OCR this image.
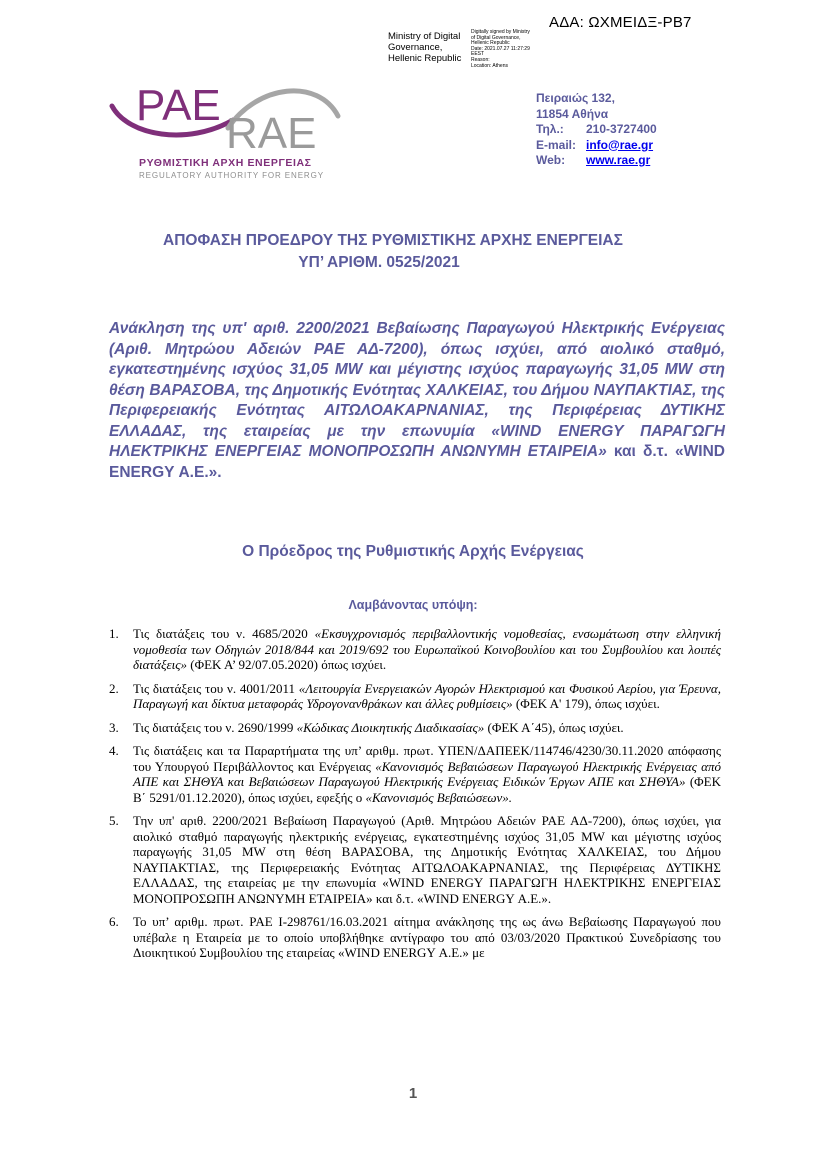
ΑΔΑ: ΩΧΜΕΙΔΞ-ΡΒ7
Ministry of Digital Governance, Hellenic Republic
Digitally signed by Ministry
of Digital Governance,
Hellenic Republic
Date: 2021.07.27 11:27:29
EEST
Reason:
Location: Athens
PAE
RAE
ΡΥΘΜΙΣΤΙΚΗ ΑΡΧΗ ΕΝΕΡΓΕΙΑΣ
REGULATORY AUTHORITY FOR ENERGY
Πειραιώς 132,
11854 Αθήνα
Τηλ.:	210-3727400
E-mail: info@rae.gr
Web:	www.rae.gr
ΑΠΟΦΑΣΗ ΠΡΟΕΔΡΟΥ ΤΗΣ ΡΥΘΜΙΣΤΙΚΗΣ ΑΡΧΗΣ ΕΝΕΡΓΕΙΑΣ
ΥΠ’ ΑΡΙΘΜ. 0525/2021
Ανάκληση της υπ' αριθ. 2200/2021 Βεβαίωσης Παραγωγού Ηλεκτρικής Ενέργειας (Αριθ. Μητρώου Αδειών ΡΑΕ ΑΔ-7200), όπως ισχύει, από αιολικό σταθμό, εγκατεστημένης ισχύος 31,05 MW και μέγιστης ισχύος παραγωγής 31,05 MW στη θέση ΒΑΡΑΣΟΒΑ, της Δημοτικής Ενότητας ΧΑΛΚΕΙΑΣ, του Δήμου ΝΑΥΠΑΚΤΙΑΣ, της Περιφερειακής Ενότητας ΑΙΤΩΛΟΑΚΑΡΝΑΝΙΑΣ, της Περιφέρειας ΔΥΤΙΚΗΣ ΕΛΛΑΔΑΣ, της εταιρείας με την επωνυμία «WIND ENERGY ΠΑΡΑΓΩΓΗ ΗΛΕΚΤΡΙΚΗΣ ΕΝΕΡΓΕΙΑΣ ΜΟΝΟΠΡΟΣΩΠΗ ΑΝΩΝΥΜΗ ΕΤΑΙΡΕΙΑ» και δ.τ. «WIND ENERGY Α.Ε.».
Ο Πρόεδρος της Ρυθμιστικής Αρχής Ενέργειας
Λαμβάνοντας υπόψη:
1.	Τις διατάξεις του ν. 4685/2020 «Εκσυγχρονισμός περιβαλλοντικής νομοθεσίας, ενσωμάτωση στην ελληνική νομοθεσία των Οδηγιών 2018/844 και 2019/692 του Ευρωπαϊκού Κοινοβουλίου και του Συμβουλίου και λοιπές διατάξεις» (ΦΕΚ Α’ 92/07.05.2020) όπως ισχύει.
2.	Τις διατάξεις του ν. 4001/2011 «Λειτουργία Ενεργειακών Αγορών Ηλεκτρισμού και Φυσικού Αερίου, για Έρευνα, Παραγωγή και δίκτυα μεταφοράς Υδρογονανθράκων και άλλες ρυθμίσεις» (ΦΕΚ Α' 179), όπως ισχύει.
3.	Τις διατάξεις του ν. 2690/1999 «Κώδικας Διοικητικής Διαδικασίας» (ΦΕΚ Α΄45), όπως ισχύει.
4.	Τις διατάξεις και τα Παραρτήματα της υπ’ αριθμ. πρωτ. ΥΠΕΝ/ΔΑΠΕΕΚ/114746/4230/30.11.2020 απόφασης του Υπουργού Περιβάλλοντος και Ενέργειας «Κανονισμός Βεβαιώσεων Παραγωγού Ηλεκτρικής Ενέργειας από ΑΠΕ και ΣΗΘΥΑ και Βεβαιώσεων Παραγωγού Ηλεκτρικής Ενέργειας Ειδικών Έργων ΑΠΕ και ΣΗΘΥΑ» (ΦΕΚ Β΄ 5291/01.12.2020), όπως ισχύει, εφεξής ο «Κανονισμός Βεβαιώσεων».
5.	Την υπ' αριθ. 2200/2021 Βεβαίωση Παραγωγού (Αριθ. Μητρώου Αδειών ΡΑΕ ΑΔ-7200), όπως ισχύει, για αιολικό σταθμό παραγωγής ηλεκτρικής ενέργειας, εγκατεστημένης ισχύος 31,05 MW και μέγιστης ισχύος παραγωγής 31,05 MW στη θέση ΒΑΡΑΣΟΒΑ, της Δημοτικής Ενότητας ΧΑΛΚΕΙΑΣ, του Δήμου ΝΑΥΠΑΚΤΙΑΣ, της Περιφερειακής Ενότητας ΑΙΤΩΛΟΑΚΑΡΝΑΝΙΑΣ, της Περιφέρειας ΔΥΤΙΚΗΣ ΕΛΛΑΔΑΣ, της εταιρείας με την επωνυμία «WIND ENERGY ΠΑΡΑΓΩΓΗ ΗΛΕΚΤΡΙΚΗΣ ΕΝΕΡΓΕΙΑΣ ΜΟΝΟΠΡΟΣΩΠΗ ΑΝΩΝΥΜΗ ΕΤΑΙΡΕΙΑ» και δ.τ. «WIND ENERGY Α.Ε.».
6.	Το υπ’ αριθμ. πρωτ. ΡΑΕ Ι-298761/16.03.2021 αίτημα ανάκλησης της ως άνω Βεβαίωσης Παραγωγού που υπέβαλε η Εταιρεία με το οποίο υποβλήθηκε αντίγραφο του από 03/03/2020 Πρακτικού Συνεδρίασης του Διοικητικού Συμβουλίου της εταιρείας «WIND ENERGY Α.Ε.» με
1
